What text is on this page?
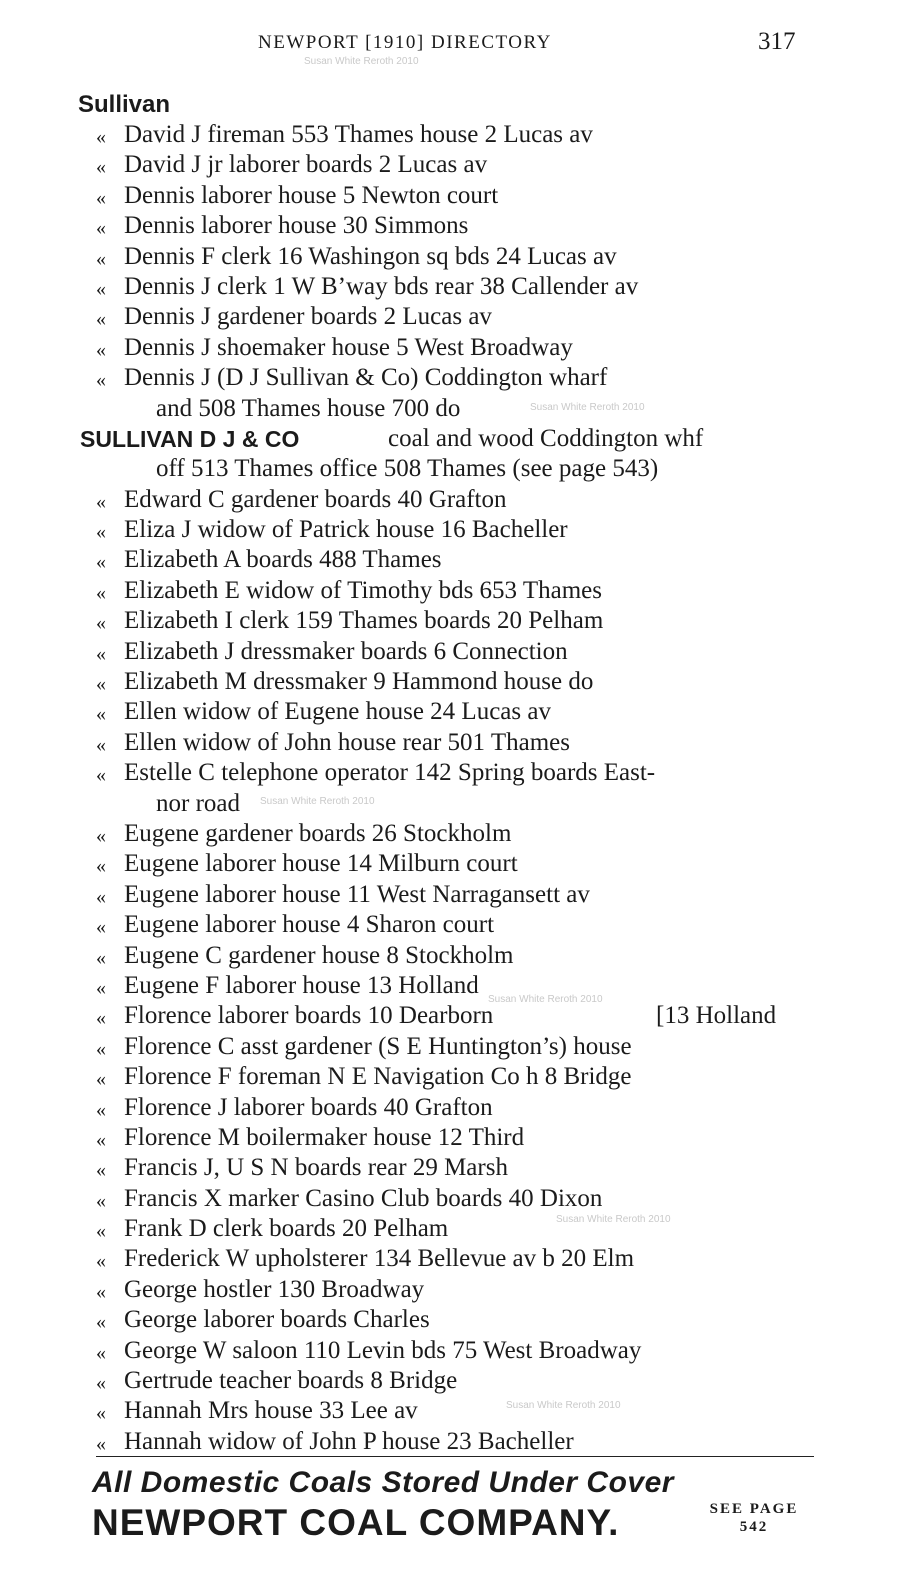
NEWPORT [1910] DIRECTORY	317
Sullivan
« David J fireman 553 Thames house 2 Lucas av
« David J jr laborer boards 2 Lucas av
« Dennis laborer house 5 Newton court
« Dennis laborer house 30 Simmons
« Dennis F clerk 16 Washingon sq bds 24 Lucas av
« Dennis J clerk 1 W B’way bds rear 38 Callender av
« Dennis J gardener boards 2 Lucas av
« Dennis J shoemaker house 5 West Broadway
« Dennis J (D J Sullivan & Co) Coddington wharf
and 508 Thames house 700 do
SULLIVAN D J & CO	coal and wood Coddington whf
off 513 Thames office 508 Thames (see page 543)
« Edward C gardener boards 40 Grafton
« Eliza J widow of Patrick house 16 Bacheller
« Elizabeth A boards 488 Thames
« Elizabeth E widow of Timothy bds 653 Thames
« Elizabeth I clerk 159 Thames boards 20 Pelham
« Elizabeth J dressmaker boards 6 Connection
« Elizabeth M dressmaker 9 Hammond house do
« Ellen widow of Eugene house 24 Lucas av
« Ellen widow of John house rear 501 Thames
« Estelle C telephone operator 142 Spring boards East-
nor road
« Eugene gardener boards 26 Stockholm
« Eugene laborer house 14 Milburn court
« Eugene laborer house 11 West Narragansett av
« Eugene laborer house 4 Sharon court
« Eugene C gardener house 8 Stockholm
« Eugene F laborer house 13 Holland
« Florence laborer boards 10 Dearborn	[13 Holland
« Florence C asst gardener (S E Huntington’s) house
« Florence F foreman N E Navigation Co h 8 Bridge
« Florence J laborer boards 40 Grafton
« Florence M boilermaker house 12 Third
« Francis J, U S N boards rear 29 Marsh
« Francis X marker Casino Club boards 40 Dixon
« Frank D clerk boards 20 Pelham
« Frederick W upholsterer 134 Bellevue av b 20 Elm
« George hostler 130 Broadway
« George laborer boards Charles
« George W saloon 110 Levin bds 75 West Broadway
« Gertrude teacher boards 8 Bridge
« Hannah Mrs house 33 Lee av
« Hannah widow of John P house 23 Bacheller
Susan White Reroth 2010
Susan White Reroth 2010
Susan White Reroth 2010
Susan White Reroth 2010
Susan White Reroth 2010
Susan White Reroth 2010
All Domestic Coals Stored Under Cover
NEWPORT COAL COMPANY.	SEE PAGE
542
